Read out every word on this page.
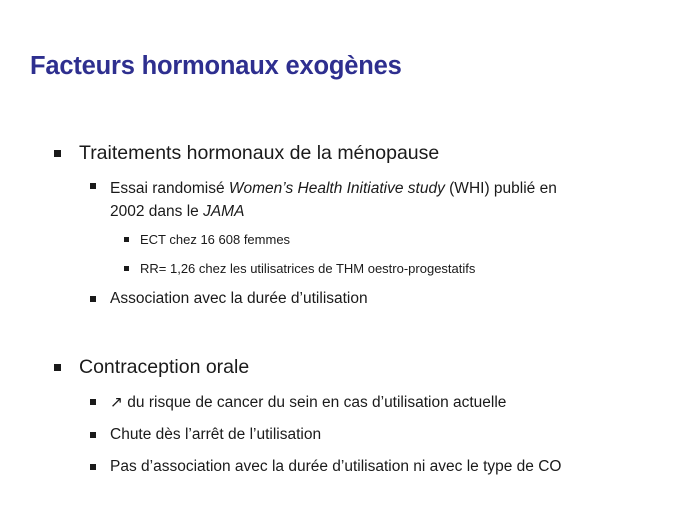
Facteurs hormonaux exogènes
Traitements hormonaux de la ménopause
Essai randomisé Women’s Health Initiative study (WHI) publié en
2002 dans le JAMA
ECT chez 16 608 femmes
RR= 1,26 chez les utilisatrices de THM oestro-progestatifs
Association avec la durée d’utilisation
Contraception orale
↗ du risque de cancer du sein en cas d’utilisation actuelle
Chute dès l’arrêt de l’utilisation
Pas d’association avec la durée d’utilisation ni avec le type de CO
